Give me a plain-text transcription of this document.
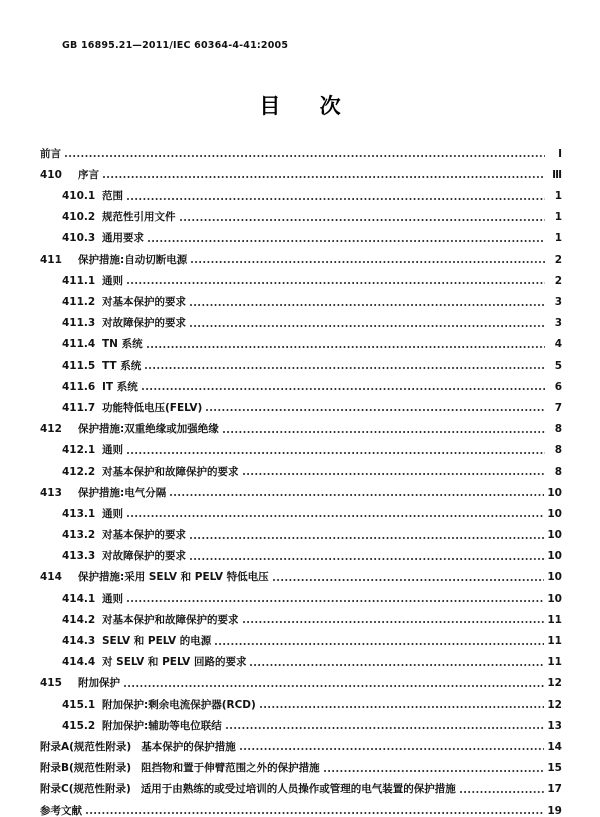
GB 16895.21—2011/IEC 60364-4-41:2005
目 次
前言	Ⅰ
410	序言	Ⅲ
410.1 范围	1
410.2 规范性引用文件	1
410.3 通用要求	1
411	保护措施:自动切断电源	2
411.1 通则	2
411.2 对基本保护的要求	3
411.3 对故障保护的要求	3
411.4 TN 系统	4
411.5 TT 系统	5
411.6 IT 系统	6
411.7 功能特低电压(FELV)	7
412	保护措施:双重绝缘或加强绝缘	8
412.1 通则	8
412.2 对基本保护和故障保护的要求	8
413	保护措施:电气分隔	10
413.1 通则	10
413.2 对基本保护的要求	10
413.3 对故障保护的要求	10
414	保护措施:采用 SELV 和 PELV 特低电压	10
414.1 通则	10
414.2 对基本保护和故障保护的要求	11
414.3 SELV 和 PELV 的电源	11
414.4 对 SELV 和 PELV 回路的要求	11
415	附加保护	12
415.1 附加保护:剩余电流保护器(RCD)	12
415.2 附加保护:辅助等电位联结	13
附录A(规范性附录) 基本保护的保护措施	14
附录B(规范性附录) 阻挡物和置于伸臂范围之外的保护措施	15
附录C(规范性附录) 适用于由熟练的或受过培训的人员操作或管理的电气装置的保护措施	17
参考文献	19
